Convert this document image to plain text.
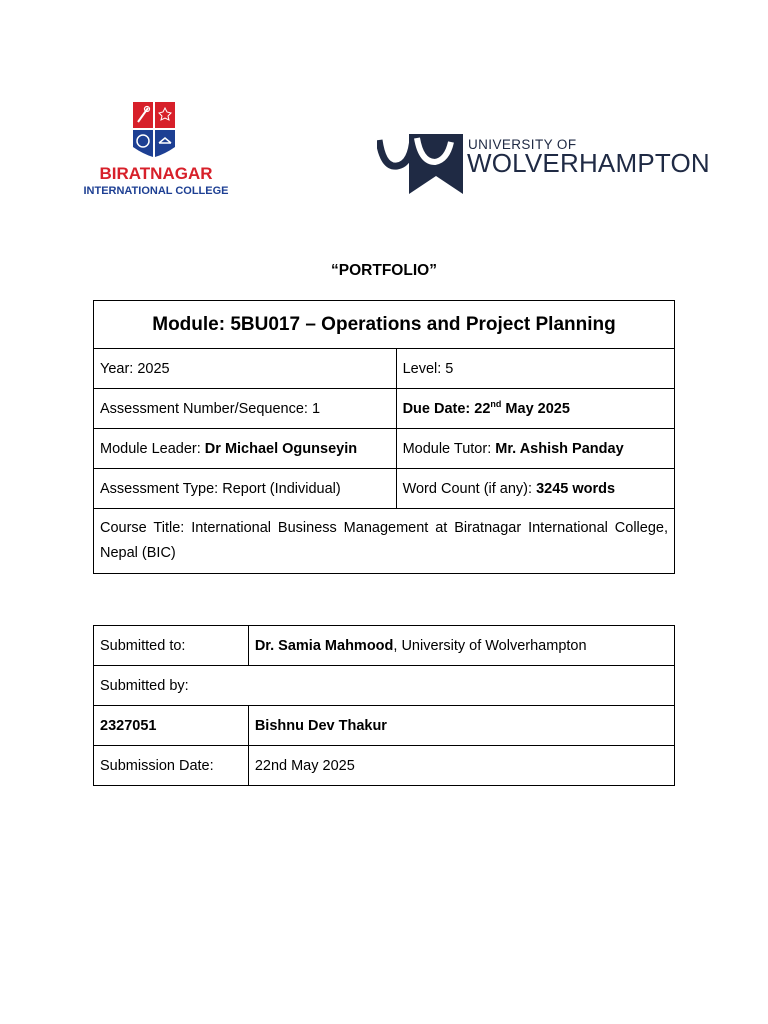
BIRATNAGAR
INTERNATIONAL COLLEGE
UNIVERSITY OF
WOLVERHAMPTON
“PORTFOLIO”
Module: 5BU017 – Operations and Project Planning	
Year: 2025	Level: 5
Assessment Number/Sequence: 1	Due Date: 22nd May 2025
Module Leader: Dr Michael Ogunseyin	Module Tutor: Mr. Ashish Panday
Assessment Type: Report (Individual)	Word Count (if any): 3245 words
Course Title: International Business Management at Biratnagar International College, Nepal (BIC)	
Submitted to:	Dr. Samia Mahmood, University of Wolverhampton
Submitted by:	
2327051	Bishnu Dev Thakur
Submission Date:	22nd May 2025
